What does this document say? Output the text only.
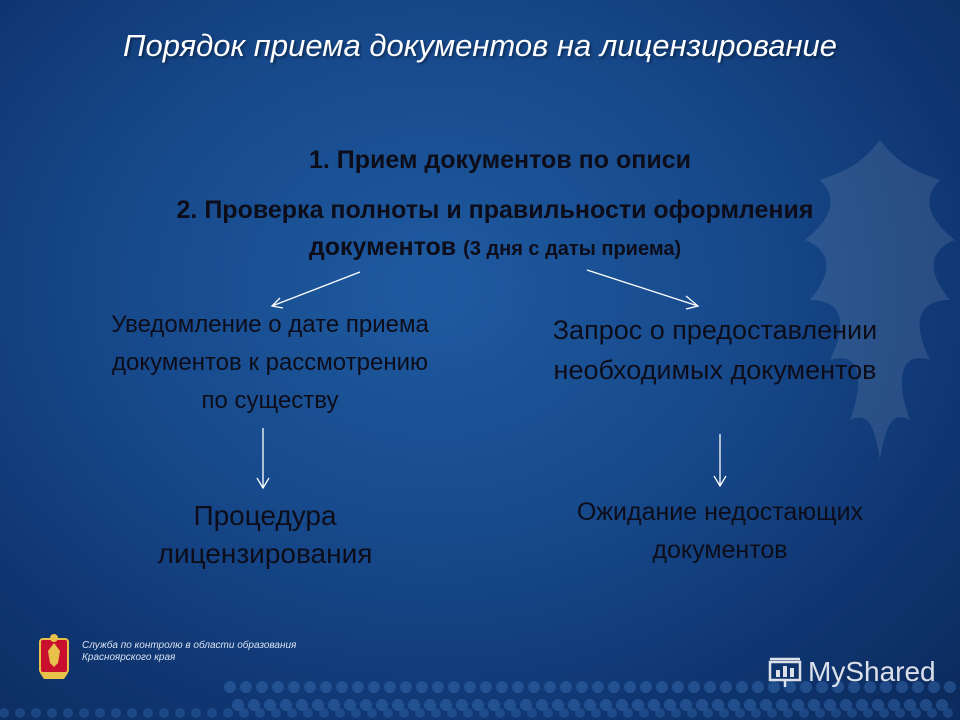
Порядок приема документов на лицензирование
1. Прием документов по описи
2. Проверка полноты и правильности оформления
документов (3 дня с даты приема)
Уведомление о дате приема
документов к рассмотрению
по существу
Запрос о предоставлении
необходимых документов
Процедура
лицензирования
Ожидание недостающих
документов
Служба по контролю в области образования
Красноярского края	MyShared
